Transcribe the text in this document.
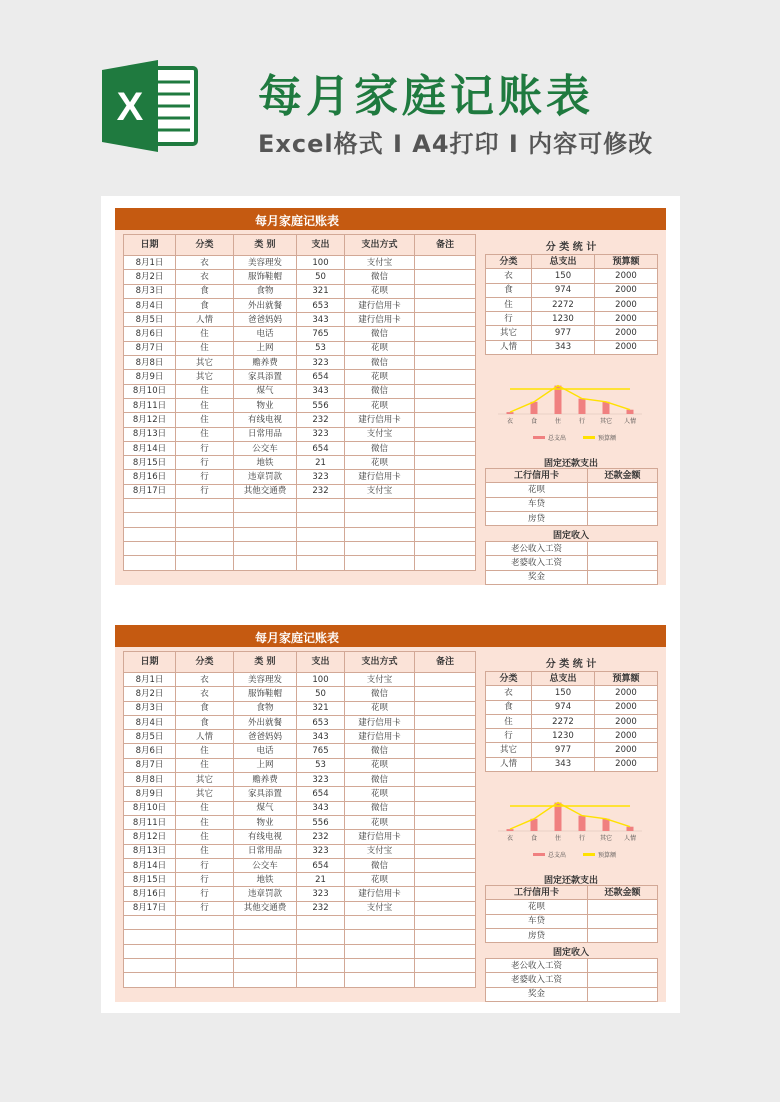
X	每月家庭记账表
Excel格式 I A4打印 I 内容可修改
每月家庭记账表
日期	分类	类 别	支出	支出方式	备注
8月1日	衣	美容理发	100	支付宝	
8月2日	衣	服饰鞋帽	50	微信	
8月3日	食	食物	321	花呗	
8月4日	食	外出就餐	653	建行信用卡	
8月5日	人情	爸爸妈妈	343	建行信用卡	
8月6日	住	电话	765	微信	
8月7日	住	上网	53	花呗	
8月8日	其它	赡养费	323	微信	
8月9日	其它	家具添置	654	花呗	
8月10日	住	煤气	343	微信	
8月11日	住	物业	556	花呗	
8月12日	住	有线电视	232	建行信用卡	
8月13日	住	日常用品	323	支付宝	
8月14日	行	公交车	654	微信	
8月15日	行	地铁	21	花呗	
8月16日	行	违章罚款	323	建行信用卡	
8月17日	行	其他交通费	232	支付宝	

分 类 统 计
分类	总支出	预算额
衣	150	2000
食	974	2000
住	2272	2000
行	1230	2000
其它	977	2000
人情	343	2000
衣	食	住	行 其它 人情
总支出	预算额
固定还款支出
工行信用卡	还款金额
花呗	
车贷	
房贷	
固定收入
老公收入工资	
老婆收入工资	
奖金	
每月家庭记账表
日期	分类	类 别	支出	支出方式	备注
8月1日	衣	美容理发	100	支付宝	
8月2日	衣	服饰鞋帽	50	微信	
8月3日	食	食物	321	花呗	
8月4日	食	外出就餐	653	建行信用卡	
8月5日	人情	爸爸妈妈	343	建行信用卡	
8月6日	住	电话	765	微信	
8月7日	住	上网	53	花呗	
8月8日	其它	赡养费	323	微信	
8月9日	其它	家具添置	654	花呗	
8月10日	住	煤气	343	微信	
8月11日	住	物业	556	花呗	
8月12日	住	有线电视	232	建行信用卡	
8月13日	住	日常用品	323	支付宝	
8月14日	行	公交车	654	微信	
8月15日	行	地铁	21	花呗	
8月16日	行	违章罚款	323	建行信用卡	
8月17日	行	其他交通费	232	支付宝	

分 类 统 计
分类	总支出	预算额
衣	150	2000
食	974	2000
住	2272	2000
行	1230	2000
其它	977	2000
人情	343	2000
衣	食	住	行 其它 人情
总支出	预算额
固定还款支出
工行信用卡	还款金额
花呗	
车贷	
房贷	
固定收入
老公收入工资	
老婆收入工资	
奖金	
